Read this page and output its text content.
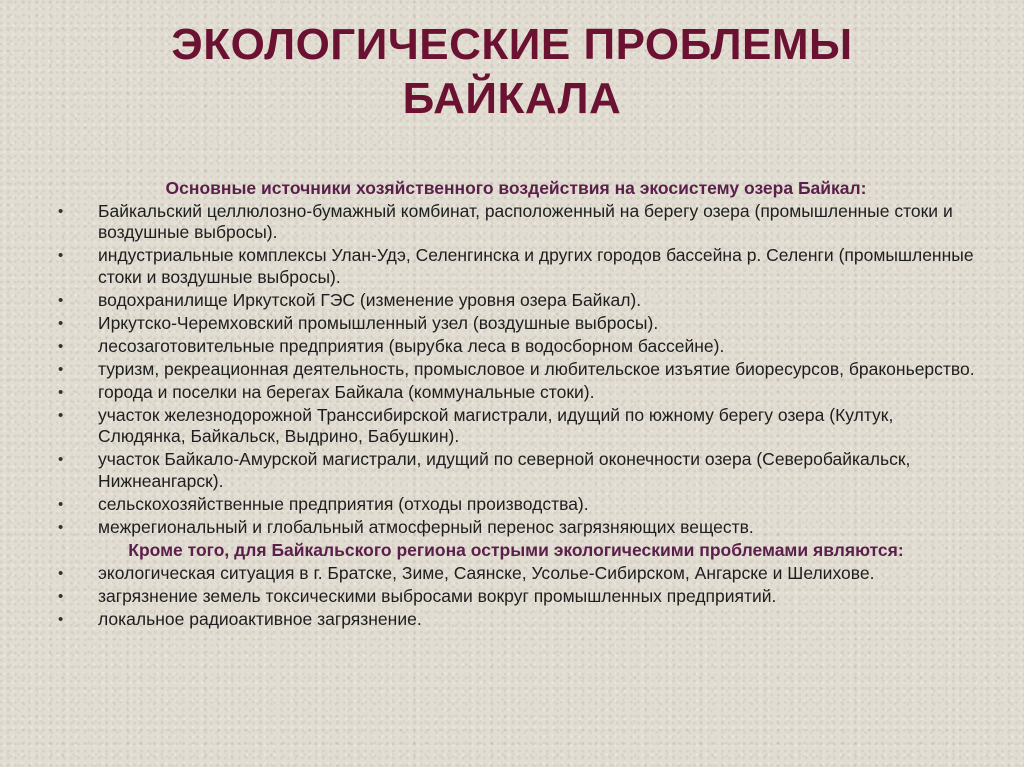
ЭКОЛОГИЧЕСКИЕ ПРОБЛЕМЫ
БАЙКАЛА
Основные источники хозяйственного воздействия на экосистему озера Байкал:
• Байкальский целлюлозно-бумажный комбинат, расположенный на берегу озера (промышленные стоки и воздушные выбросы).
• индустриальные комплексы Улан-Удэ, Селенгинска и других городов бассейна р. Селенги (промышленные стоки и воздушные выбросы).
• водохранилище Иркутской ГЭС (изменение уровня озера Байкал).
• Иркутско-Черемховский промышленный узел (воздушные выбросы).
• лесозаготовительные предприятия (вырубка леса в водосборном бассейне).
• туризм, рекреационная деятельность, промысловое и любительское изъятие биоресурсов, браконьерство.
• города и поселки на берегах Байкала (коммунальные стоки).
• участок железнодорожной Транссибирской магистрали, идущий по южному берегу озера (Култук, Слюдянка, Байкальск, Выдрино, Бабушкин).
• участок Байкало-Амурской магистрали, идущий по северной оконечности озера (Северобайкальск, Нижнеангарск).
• сельскохозяйственные предприятия (отходы производства).
• межрегиональный и глобальный атмосферный перенос загрязняющих веществ.
Кроме того, для Байкальского региона острыми экологическими проблемами являются:
• экологическая ситуация в г. Братске, Зиме, Саянске, Усолье-Сибирском, Ангарске и Шелихове.
• загрязнение земель токсическими выбросами вокруг промышленных предприятий.
• локальное радиоактивное загрязнение.
